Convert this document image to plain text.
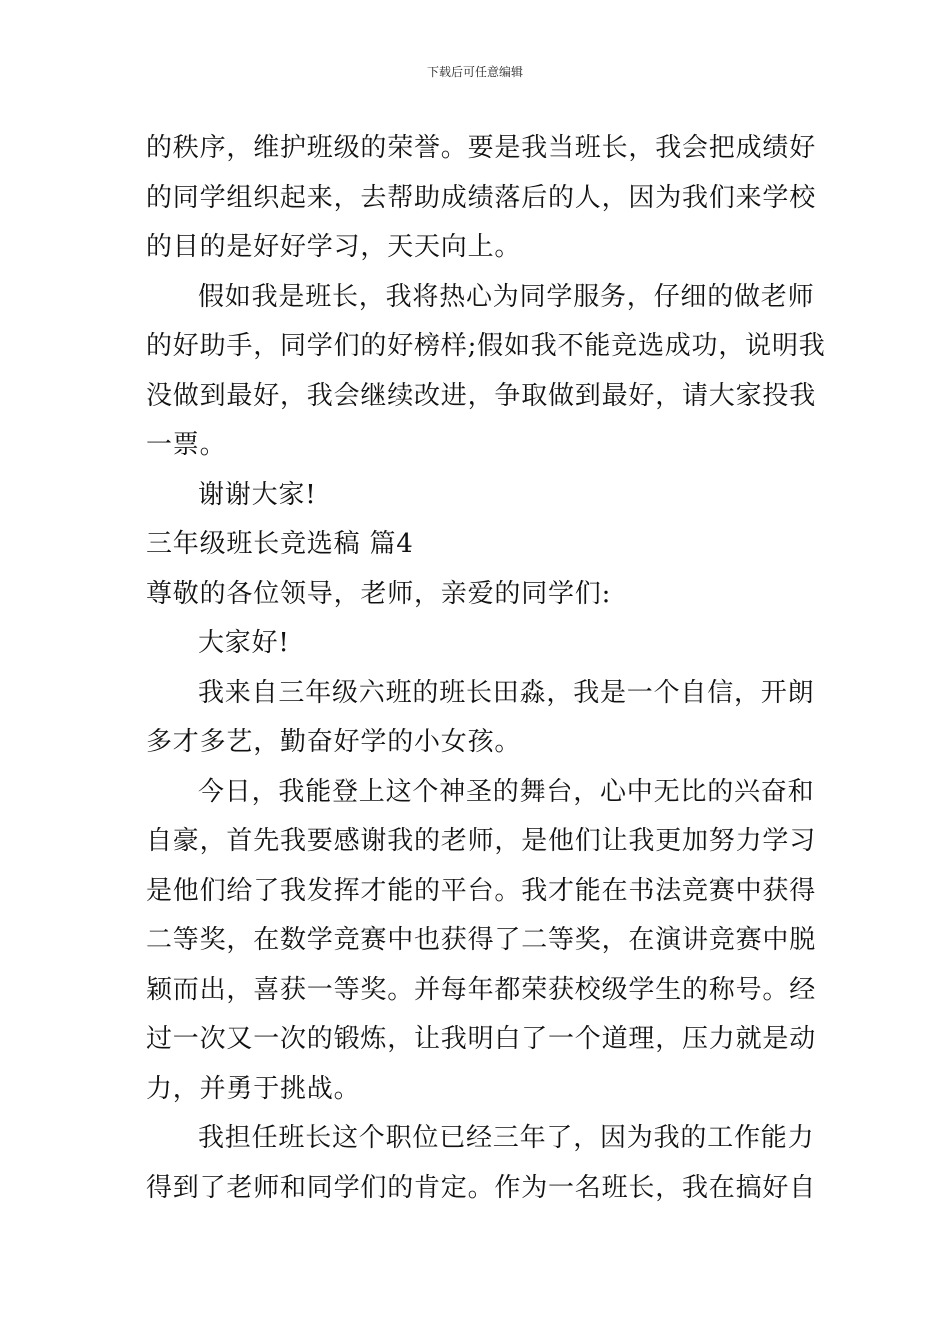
下载后可任意编辑
的秩序，维护班级的荣誉。要是我当班长，我会把成绩好
的同学组织起来，去帮助成绩落后的人，因为我们来学校
的目的是好好学习，天天向上。
假如我是班长，我将热心为同学服务，仔细的做老师
的好助手，同学们的好榜样;假如我不能竞选成功，说明我
没做到最好，我会继续改进，争取做到最好，请大家投我
一票。
谢谢大家!
三年级班长竞选稿 篇4
尊敬的各位领导，老师，亲爱的同学们:
大家好!
我来自三年级六班的班长田淼，我是一个自信，开朗
多才多艺，勤奋好学的小女孩。
今日，我能登上这个神圣的舞台，心中无比的兴奋和
自豪，首先我要感谢我的老师，是他们让我更加努力学习
是他们给了我发挥才能的平台。我才能在书法竞赛中获得
二等奖，在数学竞赛中也获得了二等奖，在演讲竞赛中脱
颖而出，喜获一等奖。并每年都荣获校级学生的称号。经
过一次又一次的锻炼，让我明白了一个道理，压力就是动
力，并勇于挑战。
我担任班长这个职位已经三年了，因为我的工作能力
得到了老师和同学们的肯定。作为一名班长，我在搞好自
